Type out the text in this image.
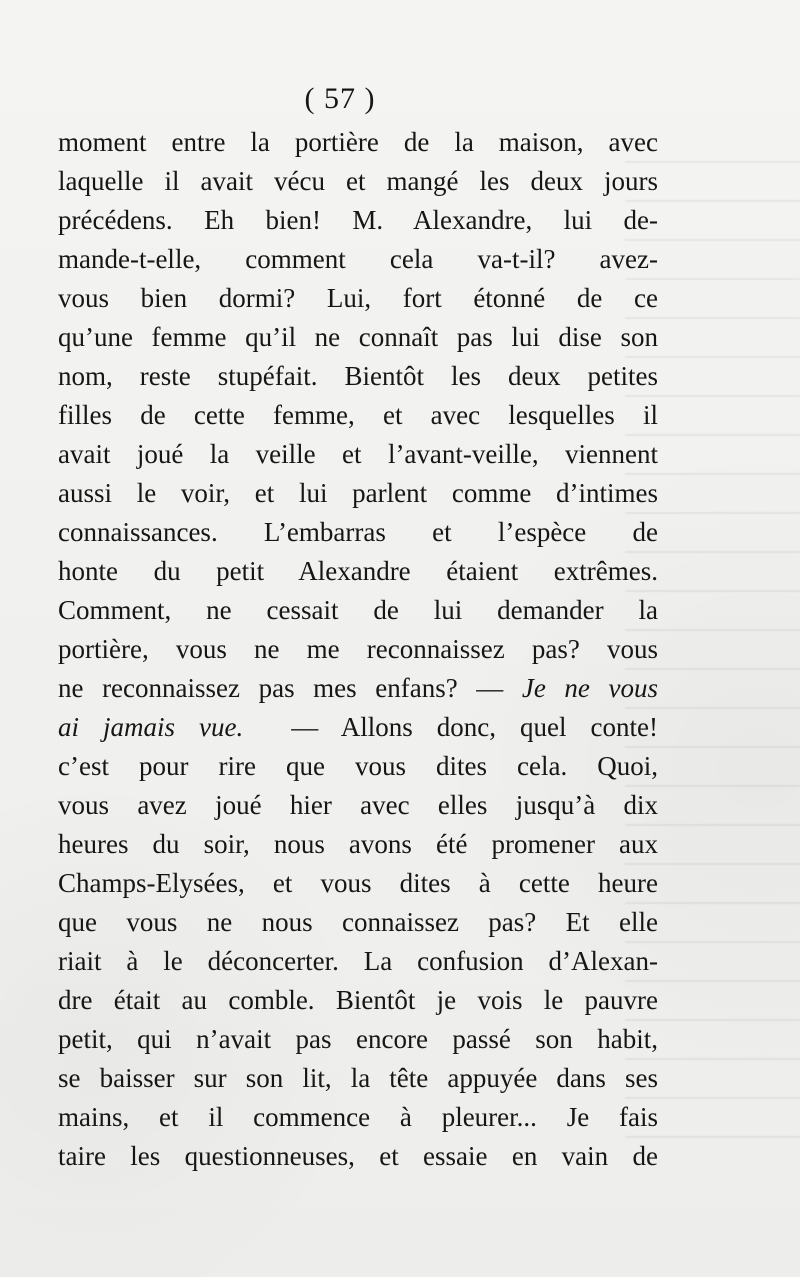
( 57 )
moment entre la portière de la maison, avec
laquelle il avait vécu et mangé les deux jours
précédens. Eh bien! M. Alexandre, lui de-
mande-t-elle, comment cela va-t-il? avez-
vous bien dormi? Lui, fort étonné de ce
qu’une femme qu’il ne connaît pas lui dise son
nom, reste stupéfait. Bientôt les deux petites
filles de cette femme, et avec lesquelles il
avait joué la veille et l’avant-veille, viennent
aussi le voir, et lui parlent comme d’intimes
connaissances. L’embarras et l’espèce de
honte du petit Alexandre étaient extrêmes.
Comment, ne cessait de lui demander la
portière, vous ne me reconnaissez pas? vous
ne reconnaissez pas mes enfans? — Je ne vous
ai jamais vue.  — Allons donc, quel conte!
c’est pour rire que vous dites cela. Quoi,
vous avez joué hier avec elles jusqu’à dix
heures du soir, nous avons été promener aux
Champs-Elysées, et vous dites à cette heure
que vous ne nous connaissez pas? Et elle
riait à le déconcerter. La confusion d’Alexan-
dre était au comble. Bientôt je vois le pauvre
petit, qui n’avait pas encore passé son habit,
se baisser sur son lit, la tête appuyée dans ses
mains, et il commence à pleurer... Je fais
taire les questionneuses, et essaie en vain de
